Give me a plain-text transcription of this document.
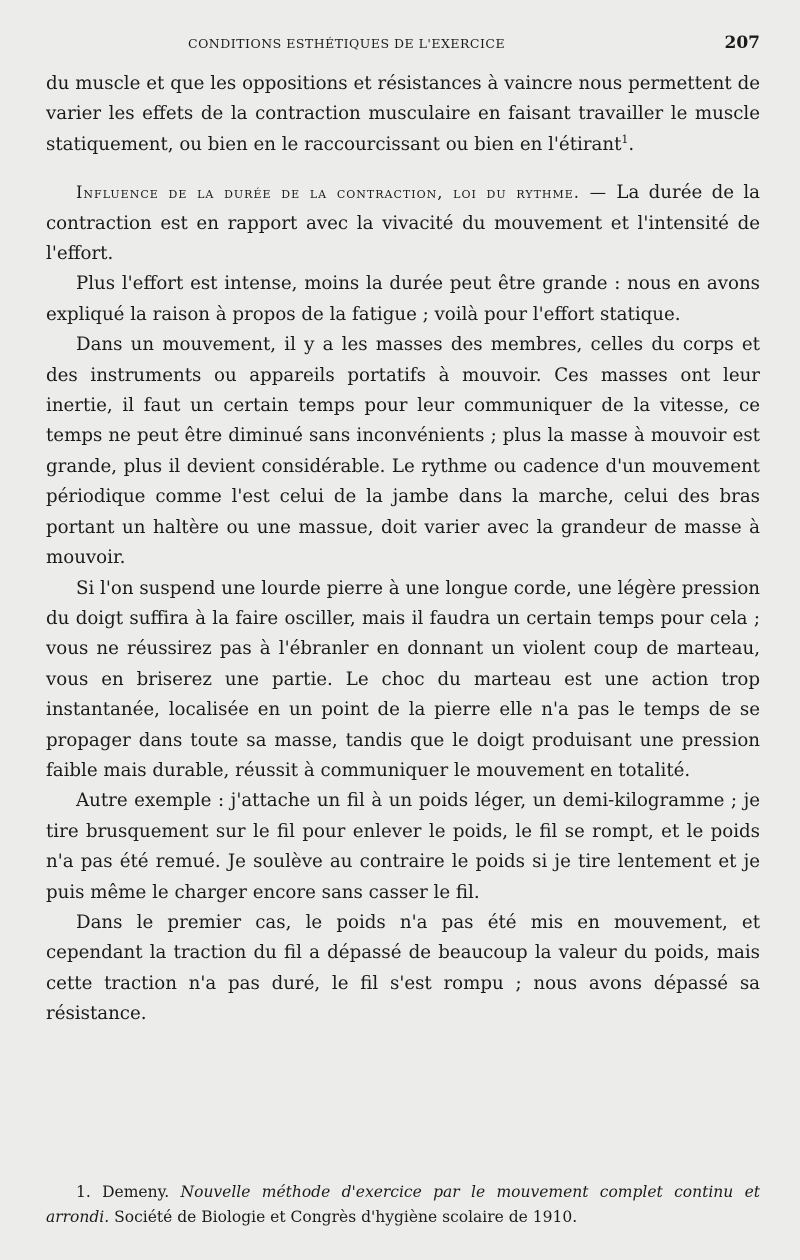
CONDITIONS ESTHÉTIQUES DE L'EXERCICE	207

du muscle et que les oppositions et résistances à vaincre nous permettent de varier les effets de la contraction musculaire en faisant travailler le muscle statiquement, ou bien en le raccourcissant ou bien en l'étirant$^1$.

Influence de la durée de la contraction, loi du rythme. — La durée de la contraction est en rapport avec la vivacité du mouvement et l'intensité de l'effort.

Plus l'effort est intense, moins la durée peut être grande : nous en avons expliqué la raison à propos de la fatigue ; voilà pour l'effort statique.

Dans un mouvement, il y a les masses des membres, celles du corps et des instruments ou appareils portatifs à mouvoir. Ces masses ont leur inertie, il faut un certain temps pour leur communiquer de la vitesse, ce temps ne peut être diminué sans inconvénients ; plus la masse à mouvoir est grande, plus il devient considérable. Le rythme ou cadence d'un mouvement périodique comme l'est celui de la jambe dans la marche, celui des bras portant un haltère ou une massue, doit varier avec la grandeur de masse à mouvoir.

Si l'on suspend une lourde pierre à une longue corde, une légère pression du doigt suffira à la faire osciller, mais il faudra un certain temps pour cela ; vous ne réussirez pas à l'ébranler en donnant un violent coup de marteau, vous en briserez une partie. Le choc du marteau est une action trop instantanée, localisée en un point de la pierre elle n'a pas le temps de se propager dans toute sa masse, tandis que le doigt produisant une pression faible mais durable, réussit à communiquer le mouvement en totalité.

Autre exemple : j'attache un fil à un poids léger, un demi-kilogramme ; je tire brusquement sur le fil pour enlever le poids, le fil se rompt, et le poids n'a pas été remué. Je soulève au contraire le poids si je tire lentement et je puis même le charger encore sans casser le fil.

Dans le premier cas, le poids n'a pas été mis en mouvement, et cependant la traction du fil a dépassé de beaucoup la valeur du poids, mais cette traction n'a pas duré, le fil s'est rompu ; nous avons dépassé sa résistance.

1. Demeny. Nouvelle méthode d'exercice par le mouvement complet continu et arrondi. Société de Biologie et Congrès d'hygiène scolaire de 1910.
